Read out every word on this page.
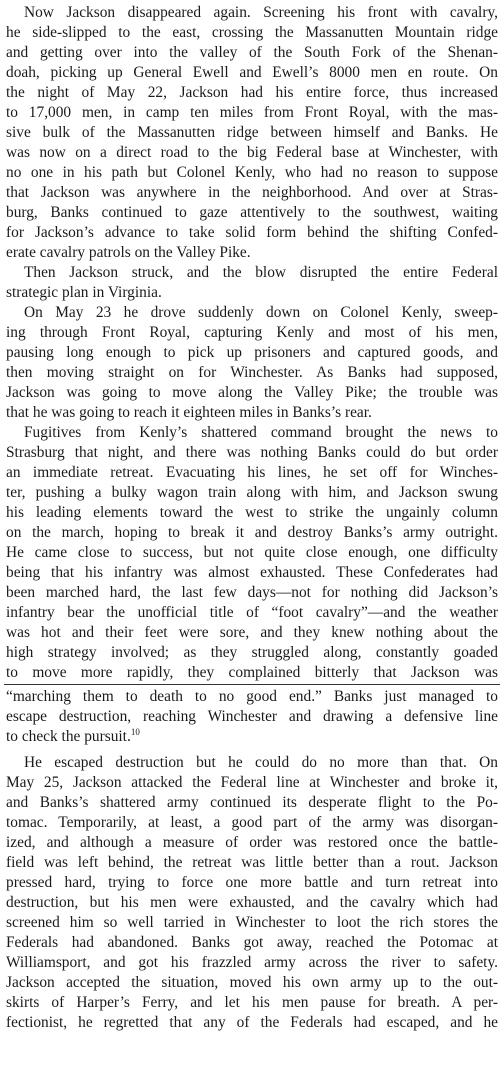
Now Jackson disappeared again. Screening his front with cavalry,
he side-slipped to the east, crossing the Massanutten Mountain ridge
and getting over into the valley of the South Fork of the Shenan-
doah, picking up General Ewell and Ewell’s 8000 men en route. On
the night of May 22, Jackson had his entire force, thus increased
to 17,000 men, in camp ten miles from Front Royal, with the mas-
sive bulk of the Massanutten ridge between himself and Banks. He
was now on a direct road to the big Federal base at Winchester, with
no one in his path but Colonel Kenly, who had no reason to suppose
that Jackson was anywhere in the neighborhood. And over at Stras-
burg, Banks continued to gaze attentively to the southwest, waiting
for Jackson’s advance to take solid form behind the shifting Confed-
erate cavalry patrols on the Valley Pike.
Then Jackson struck, and the blow disrupted the entire Federal
strategic plan in Virginia.
On May 23 he drove suddenly down on Colonel Kenly, sweep-
ing through Front Royal, capturing Kenly and most of his men,
pausing long enough to pick up prisoners and captured goods, and
then moving straight on for Winchester. As Banks had supposed,
Jackson was going to move along the Valley Pike; the trouble was
that he was going to reach it eighteen miles in Banks’s rear.
Fugitives from Kenly’s shattered command brought the news to
Strasburg that night, and there was nothing Banks could do but order
an immediate retreat. Evacuating his lines, he set off for Winches-
ter, pushing a bulky wagon train along with him, and Jackson swung
his leading elements toward the west to strike the ungainly column
on the march, hoping to break it and destroy Banks’s army outright.
He came close to success, but not quite close enough, one difficulty
being that his infantry was almost exhausted. These Confederates had
been marched hard, the last few days—not for nothing did Jackson’s
infantry bear the unofficial title of “foot cavalry”—and the weather
was hot and their feet were sore, and they knew nothing about the
high strategy involved; as they struggled along, constantly goaded
to move more rapidly, they complained bitterly that Jackson was
“marching them to death to no good end.” Banks just managed to
escape destruction, reaching Winchester and drawing a defensive line
to check the pursuit.$^{10}$
He escaped destruction but he could do no more than that. On
May 25, Jackson attacked the Federal line at Winchester and broke it,
and Banks’s shattered army continued its desperate flight to the Po-
tomac. Temporarily, at least, a good part of the army was disorgan-
ized, and although a measure of order was restored once the battle-
field was left behind, the retreat was little better than a rout. Jackson
pressed hard, trying to force one more battle and turn retreat into
destruction, but his men were exhausted, and the cavalry which had
screened him so well tarried in Winchester to loot the rich stores the
Federals had abandoned. Banks got away, reached the Potomac at
Williamsport, and got his frazzled army across the river to safety.
Jackson accepted the situation, moved his own army up to the out-
skirts of Harper’s Ferry, and let his men pause for breath. A per-
fectionist, he regretted that any of the Federals had escaped, and he
